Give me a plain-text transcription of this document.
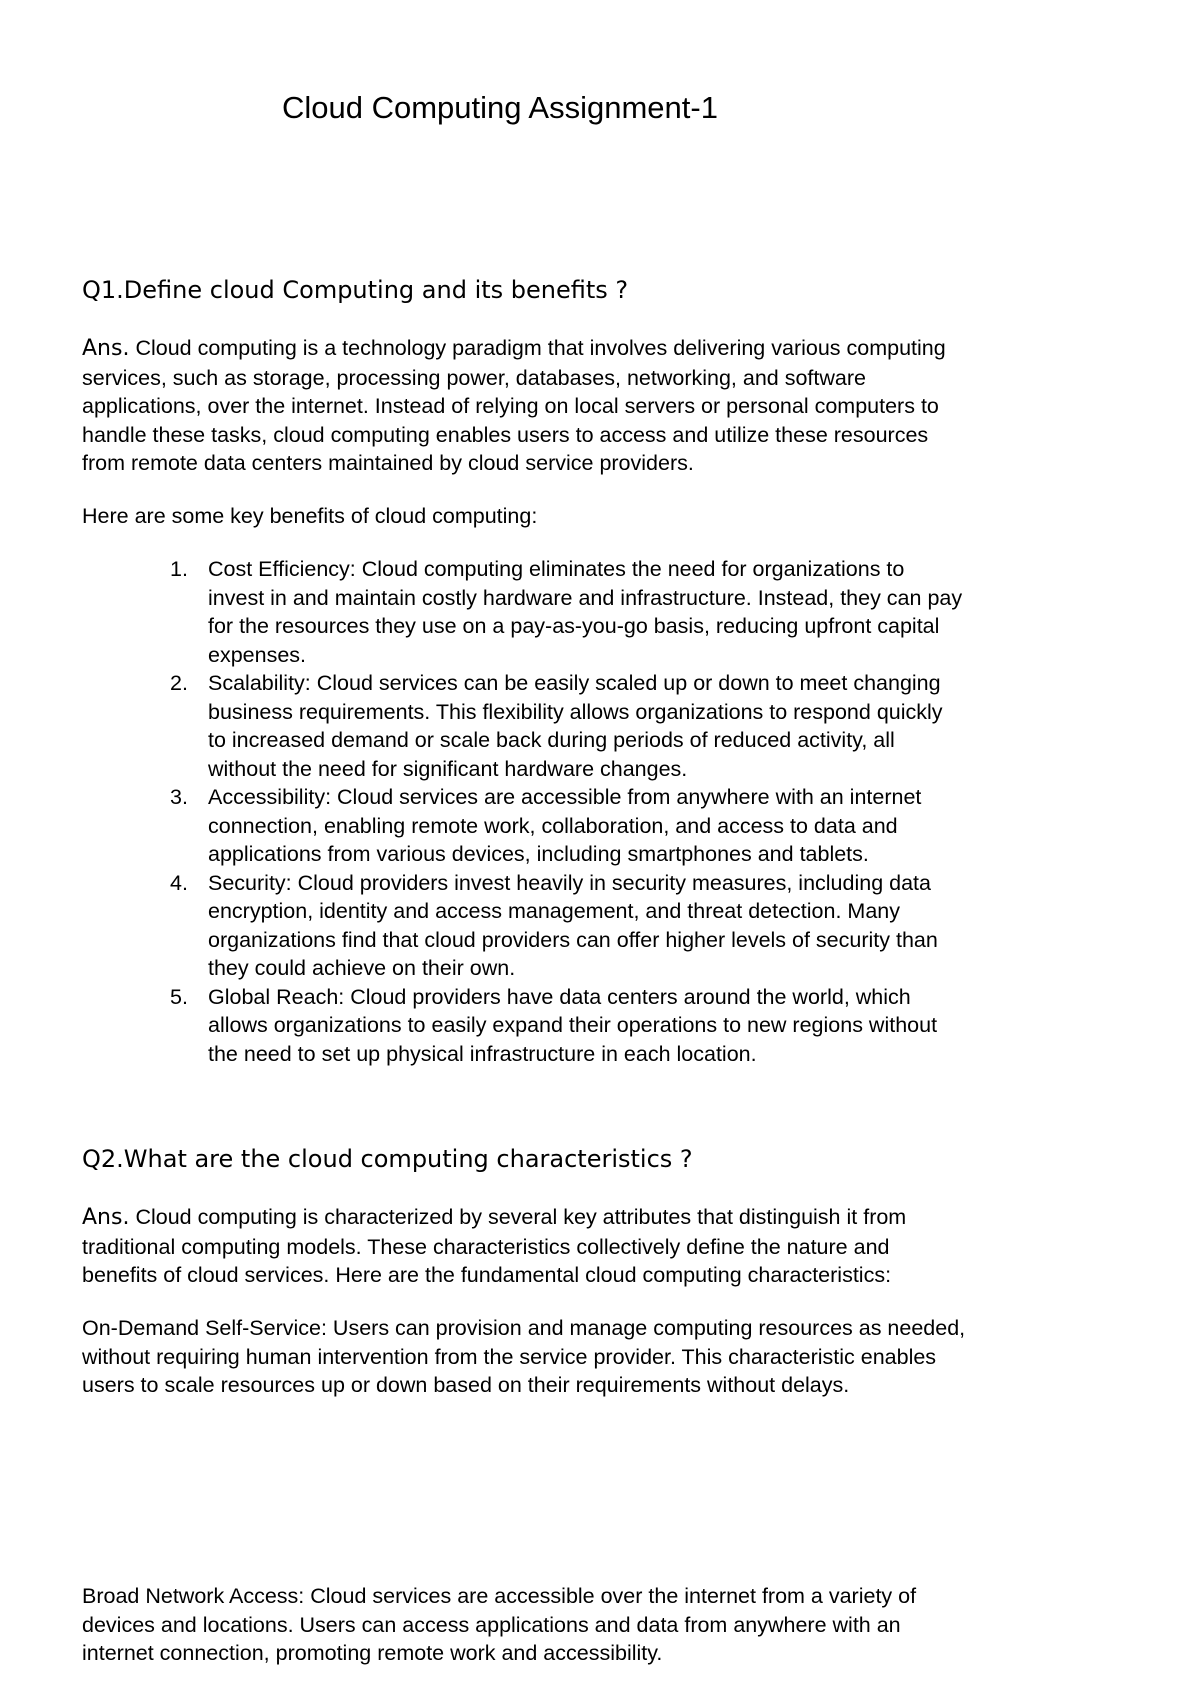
Cloud Computing Assignment-1
Q1.Define cloud Computing and its benefits ?
Ans. Cloud computing is a technology paradigm that involves delivering various computing
services, such as storage, processing power, databases, networking, and software
applications, over the internet. Instead of relying on local servers or personal computers to
handle these tasks, cloud computing enables users to access and utilize these resources
from remote data centers maintained by cloud service providers.
Here are some key benefits of cloud computing:
1. Cost Efficiency: Cloud computing eliminates the need for organizations to
invest in and maintain costly hardware and infrastructure. Instead, they can pay
for the resources they use on a pay-as-you-go basis, reducing upfront capital
expenses.
2. Scalability: Cloud services can be easily scaled up or down to meet changing
business requirements. This flexibility allows organizations to respond quickly
to increased demand or scale back during periods of reduced activity, all
without the need for significant hardware changes.
3. Accessibility: Cloud services are accessible from anywhere with an internet
connection, enabling remote work, collaboration, and access to data and
applications from various devices, including smartphones and tablets.
4. Security: Cloud providers invest heavily in security measures, including data
encryption, identity and access management, and threat detection. Many
organizations find that cloud providers can offer higher levels of security than
they could achieve on their own.
5. Global Reach: Cloud providers have data centers around the world, which
allows organizations to easily expand their operations to new regions without
the need to set up physical infrastructure in each location.
Q2.What are the cloud computing characteristics ?
Ans. Cloud computing is characterized by several key attributes that distinguish it from
traditional computing models. These characteristics collectively define the nature and
benefits of cloud services. Here are the fundamental cloud computing characteristics:
On-Demand Self-Service: Users can provision and manage computing resources as needed,
without requiring human intervention from the service provider. This characteristic enables
users to scale resources up or down based on their requirements without delays.
Broad Network Access: Cloud services are accessible over the internet from a variety of
devices and locations. Users can access applications and data from anywhere with an
internet connection, promoting remote work and accessibility.
